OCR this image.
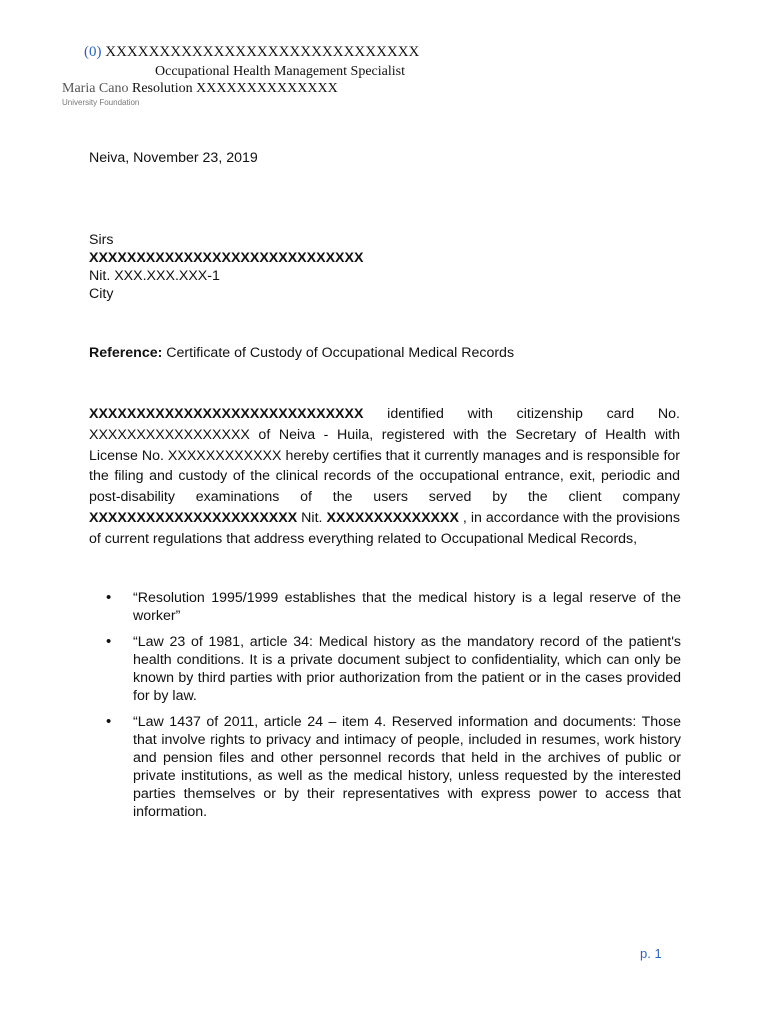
(0) XXXXXXXXXXXXXXXXXXXXXXXXXXXXX
Occupational Health Management Specialist
Maria Cano Resolution XXXXXXXXXXXXXX
University Foundation
Neiva, November 23, 2019
Sirs
XXXXXXXXXXXXXXXXXXXXXXXXXXXXX
Nit. XXX.XXX.XXX-1
City
Reference: Certificate of Custody of Occupational Medical Records
XXXXXXXXXXXXXXXXXXXXXXXXXXXXX identified with citizenship card No. XXXXXXXXXXXXXXXXX of Neiva - Huila, registered with the Secretary of Health with License No. XXXXXXXXXXXX hereby certifies that it currently manages and is responsible for the filing and custody of the clinical records of the occupational entrance, exit, periodic and post-disability examinations of the users served by the client company XXXXXXXXXXXXXXXXXXXXXX Nit. XXXXXXXXXXXXXX , in accordance with the provisions of current regulations that address everything related to Occupational Medical Records,
• “Resolution 1995/1999 establishes that the medical history is a legal reserve of the worker”
• “Law 23 of 1981, article 34: Medical history as the mandatory record of the patient's health conditions. It is a private document subject to confidentiality, which can only be known by third parties with prior authorization from the patient or in the cases provided for by law.
• “Law 1437 of 2011, article 24 – item 4. Reserved information and documents: Those that involve rights to privacy and intimacy of people, included in resumes, work history and pension files and other personnel records that held in the archives of public or private institutions, as well as the medical history, unless requested by the interested parties themselves or by their representatives with express power to access that information.
p. 1
